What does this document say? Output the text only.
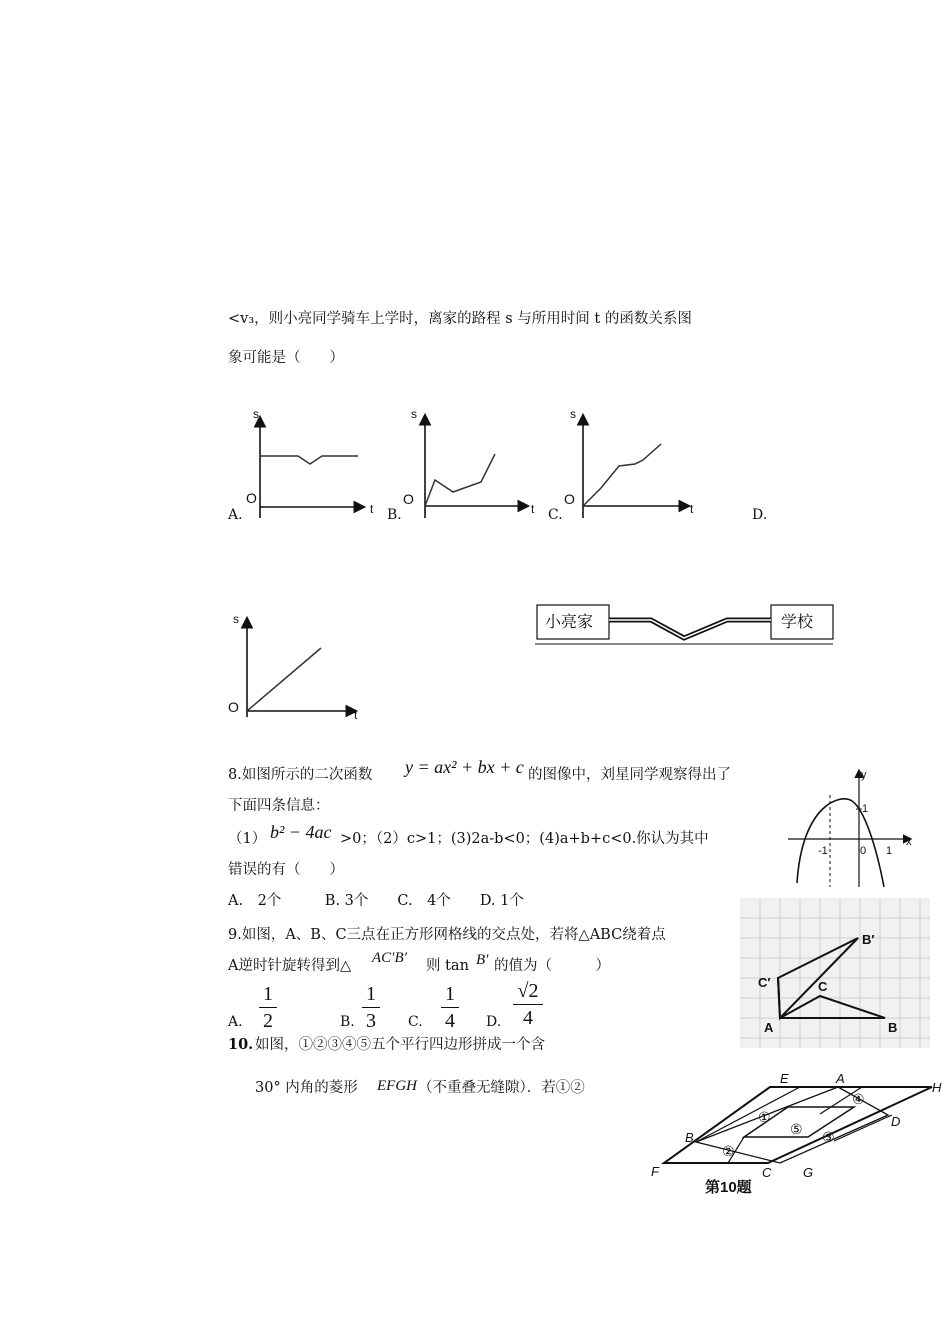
<v₃，则小亮同学骑车上学时，离家的路程 s 与所用时间 t 的函数关系图
象可能是（　　）
s
O
t
s
O
t
s
O
t
A.	B.	C.	D.
s
O	t
小亮家	学校
8.如图所示的二次函数 y = ax² + bx + c 的图像中，刘星同学观察得出了
下面四条信息：
（1） b² − 4ac >0；（2）c>1；(3)2a-b<0；(4)a+b+c<0.你认为其中
错误的有（　　）
A.　2个　　　B. 3个　　C.　4个　　D. 1个
y
x
1
-1	0 1
9.如图，A、B、C三点在正方形网格线的交点处，若将△ABC绕着点
A逆时针旋转得到△ AC′B′ 则 tan B′ 的值为（　　　）
A.	B.	C.	D.
1
2
1
3
1
4
√2
4	A	B
C
C′
B′
10. 如图，①②③④⑤五个平行四边形拼成一个含
30° 内角的菱形 EFGH （不重叠无缝隙）．若①②
E	A
H
D
B
F	C G
①
②
③
④
⑤
第10题
